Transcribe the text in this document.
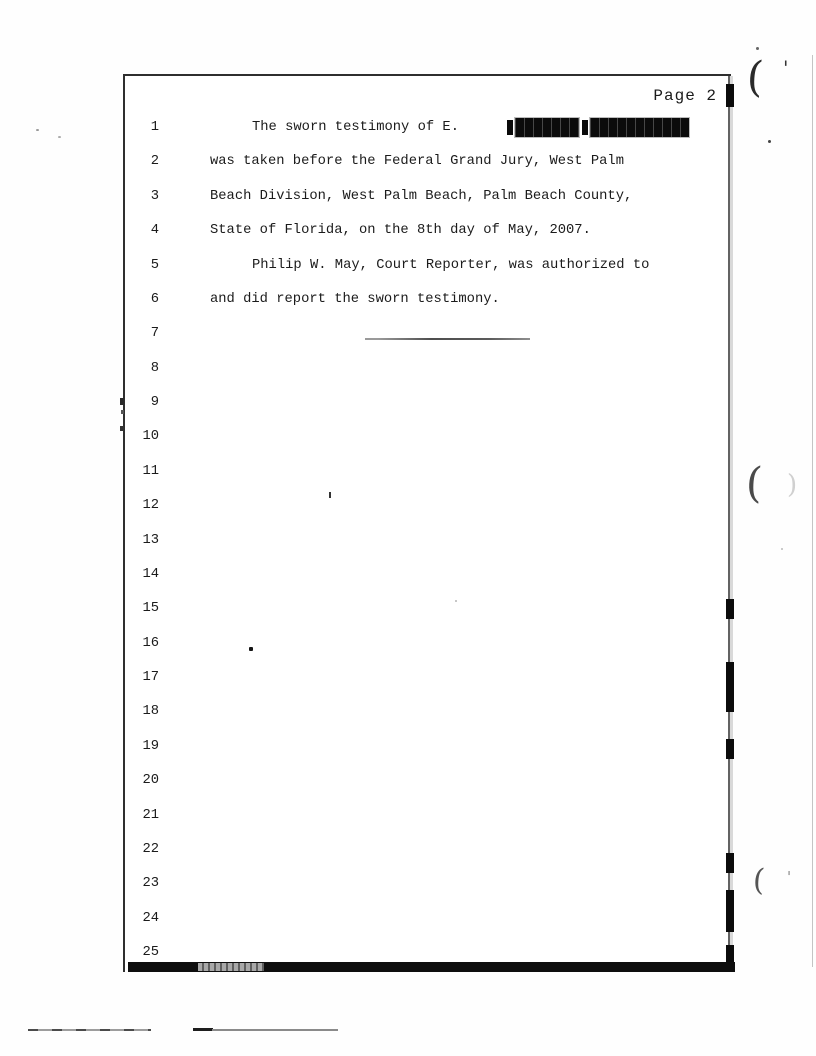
Page 2
1	The sworn testimony of E.
2	was taken before the Federal Grand Jury, West Palm
3	Beach Division, West Palm Beach, Palm Beach County,
4	State of Florida, on the 8th day of May, 2007.
5	Philip W. May, Court Reporter, was authorized to
6	and did report the sworn testimony.
7
8
9
10
11
12
13
14
15
16
17
18
19
20
21
22
23
24
25
( '
( )
( '
